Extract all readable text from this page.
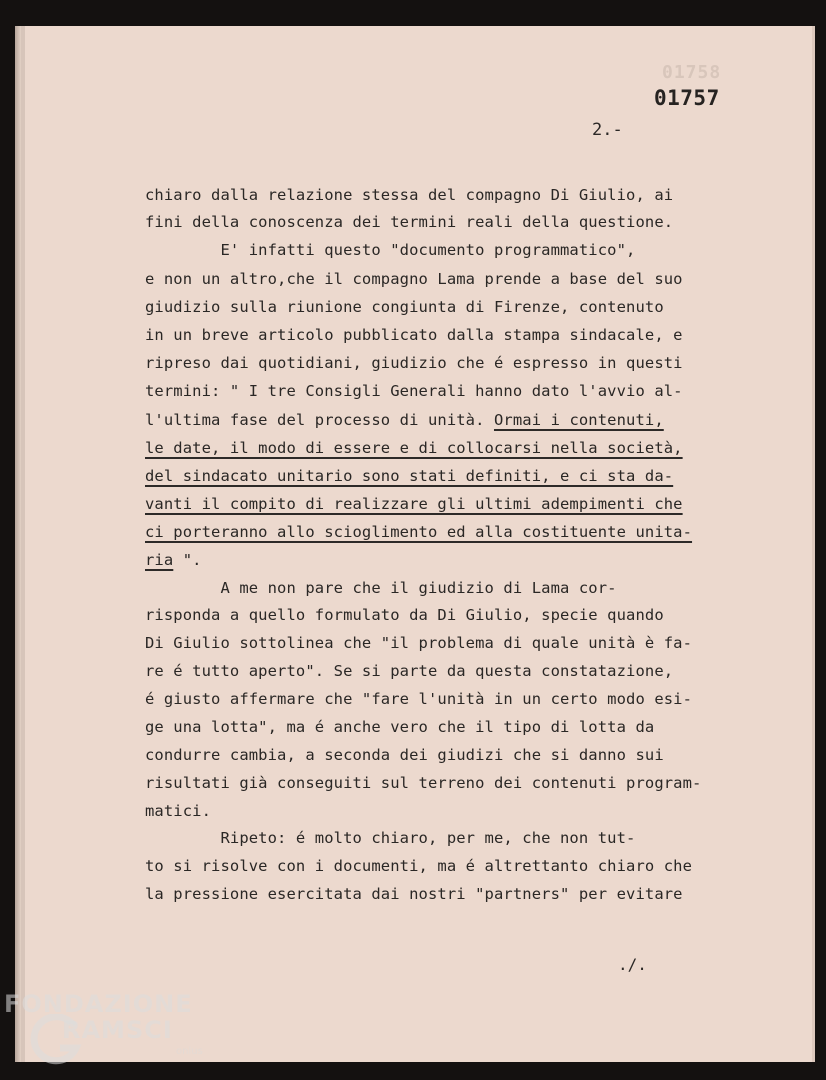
01758
01757
2.-

chiaro dalla relazione stessa del compagno Di Giulio, ai

fini della conoscenza dei termini reali della questione.

E' infatti questo "documento programmatico",

e non un altro,che il compagno Lama prende a base del suo

giudizio sulla riunione congiunta di Firenze, contenuto

in un breve articolo pubblicato dalla stampa sindacale, e

ripreso dai quotidiani, giudizio che é espresso in questi

termini: " I tre Consigli Generali hanno dato l'avvio al-

l'ultima fase del processo di unità. Ormai i contenuti,

le date, il modo di essere e di collocarsi nella società,

del sindacato unitario sono stati definiti, e ci sta da-

vanti il compito di realizzare gli ultimi adempimenti che

ci porteranno allo scioglimento ed alla costituente unita-

ria ".

A me non pare che il giudizio di Lama cor-

risponda a quello formulato da Di Giulio, specie quando

Di Giulio sottolinea che "il problema di quale unità è fa-

re é tutto aperto". Se si parte da questa constatazione,

é giusto affermare che "fare l'unità in un certo modo esi-

ge una lotta", ma é anche vero che il tipo di lotta da

condurre cambia, a seconda dei giudizi che si danno sui

risultati già conseguiti sul terreno dei contenuti program-

matici.

Ripeto: é molto chiaro, per me, che non tut-

to si risolve con i documenti, ma é altrettanto chiaro che

la pressione esercitata dai nostri "partners" per evitare

./.
FONDAZIONE
RAMSCI
onlus
